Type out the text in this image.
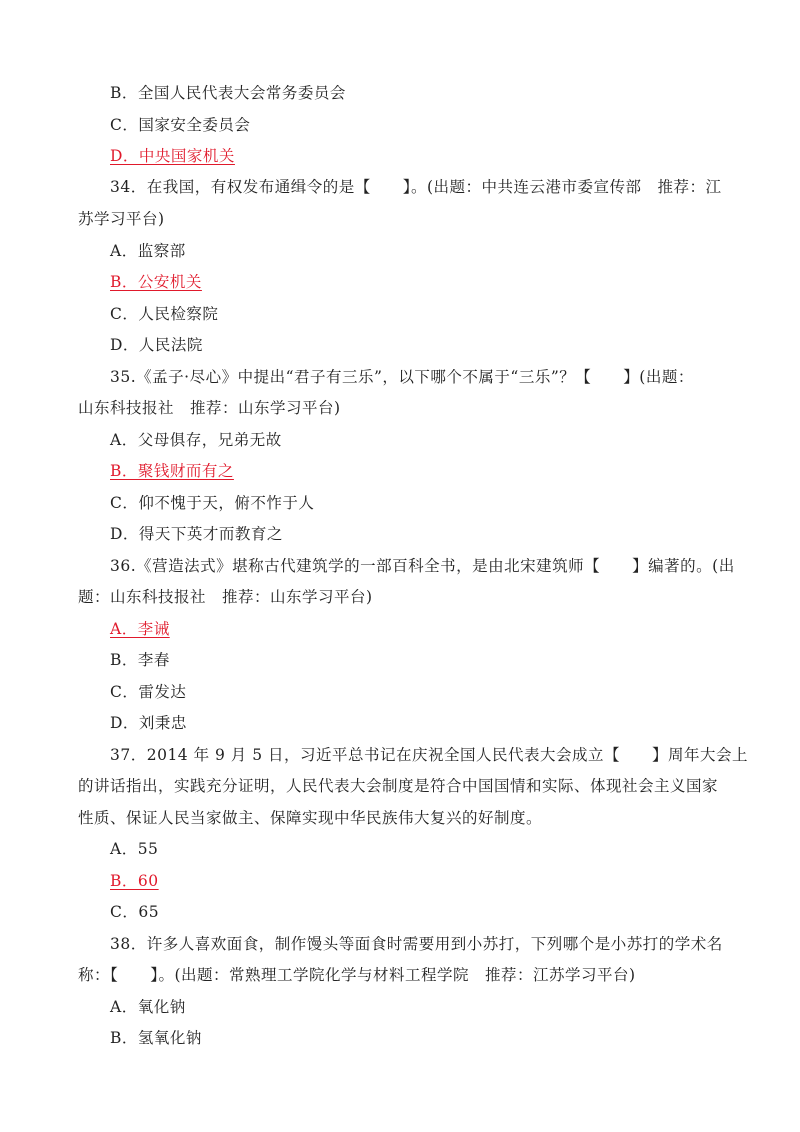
B．全国人民代表大会常务委员会
C．国家安全委员会
D．中央国家机关
34．在我国，有权发布通缉令的是【　　】。(出题：中共连云港市委宣传部　推荐：江
苏学习平台)
A．监察部
B．公安机关
C．人民检察院
D．人民法院
35.《孟子·尽心》中提出“君子有三乐”，以下哪个不属于“三乐”？【　　】(出题：
山东科技报社　推荐：山东学习平台)
A．父母俱存，兄弟无故
B．聚钱财而有之
C．仰不愧于天，俯不怍于人
D．得天下英才而教育之
36.《营造法式》堪称古代建筑学的一部百科全书，是由北宋建筑师【　　】编著的。(出
题：山东科技报社　推荐：山东学习平台)
A．李诫
B．李春
C．雷发达
D．刘秉忠
37．2014 年 9 月 5 日，习近平总书记在庆祝全国人民代表大会成立【　　】周年大会上
的讲话指出，实践充分证明，人民代表大会制度是符合中国国情和实际、体现社会主义国家
性质、保证人民当家做主、保障实现中华民族伟大复兴的好制度。
A．55
B．60
C．65
38．许多人喜欢面食，制作馒头等面食时需要用到小苏打，下列哪个是小苏打的学术名
称：【　　】。(出题：常熟理工学院化学与材料工程学院　推荐：江苏学习平台)
A．氧化钠
B．氢氧化钠
